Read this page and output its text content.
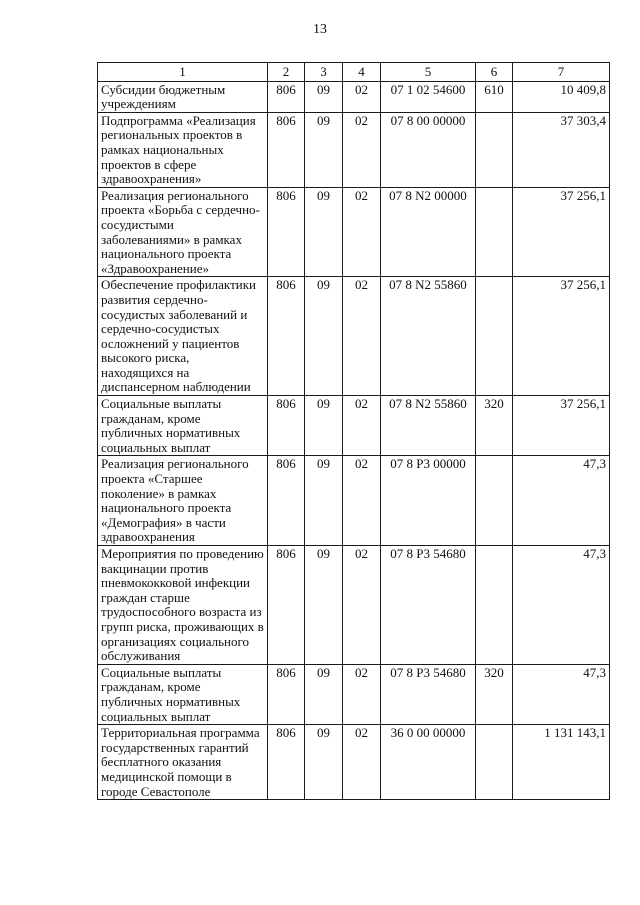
13
1	2	3	4	5	6	7
Субсидии бюджетным учреждениям	806	09	02	07 1 02 54600	610	10 409,8
Подпрограмма «Реализация региональных проектов в рамках национальных проектов в сфере здравоохранения»	806	09	02	07 8 00 00000		37 303,4
Реализация регионального проекта «Борьба с сердечно-сосудистыми заболеваниями» в рамках национального проекта «Здравоохранение»	806	09	02	07 8 N2 00000		37 256,1
Обеспечение профилактики развития сердечно-сосудистых заболеваний и сердечно-сосудистых осложнений у пациентов высокого риска, находящихся на диспансерном наблюдении	806	09	02	07 8 N2 55860		37 256,1
Социальные выплаты гражданам, кроме публичных нормативных социальных выплат	806	09	02	07 8 N2 55860	320	37 256,1
Реализация регионального проекта «Старшее поколение» в рамках национального проекта «Демография» в части здравоохранения	806	09	02	07 8 P3 00000		47,3
Мероприятия по проведению вакцинации против пневмококковой инфекции граждан старше трудоспособного возраста из групп риска, проживающих в организациях социального обслуживания	806	09	02	07 8 P3 54680		47,3
Социальные выплаты гражданам, кроме публичных нормативных социальных выплат	806	09	02	07 8 P3 54680	320	47,3
Территориальная программа государственных гарантий бесплатного оказания медицинской помощи в городе Севастополе	806	09	02	36 0 00 00000		1 131 143,1
